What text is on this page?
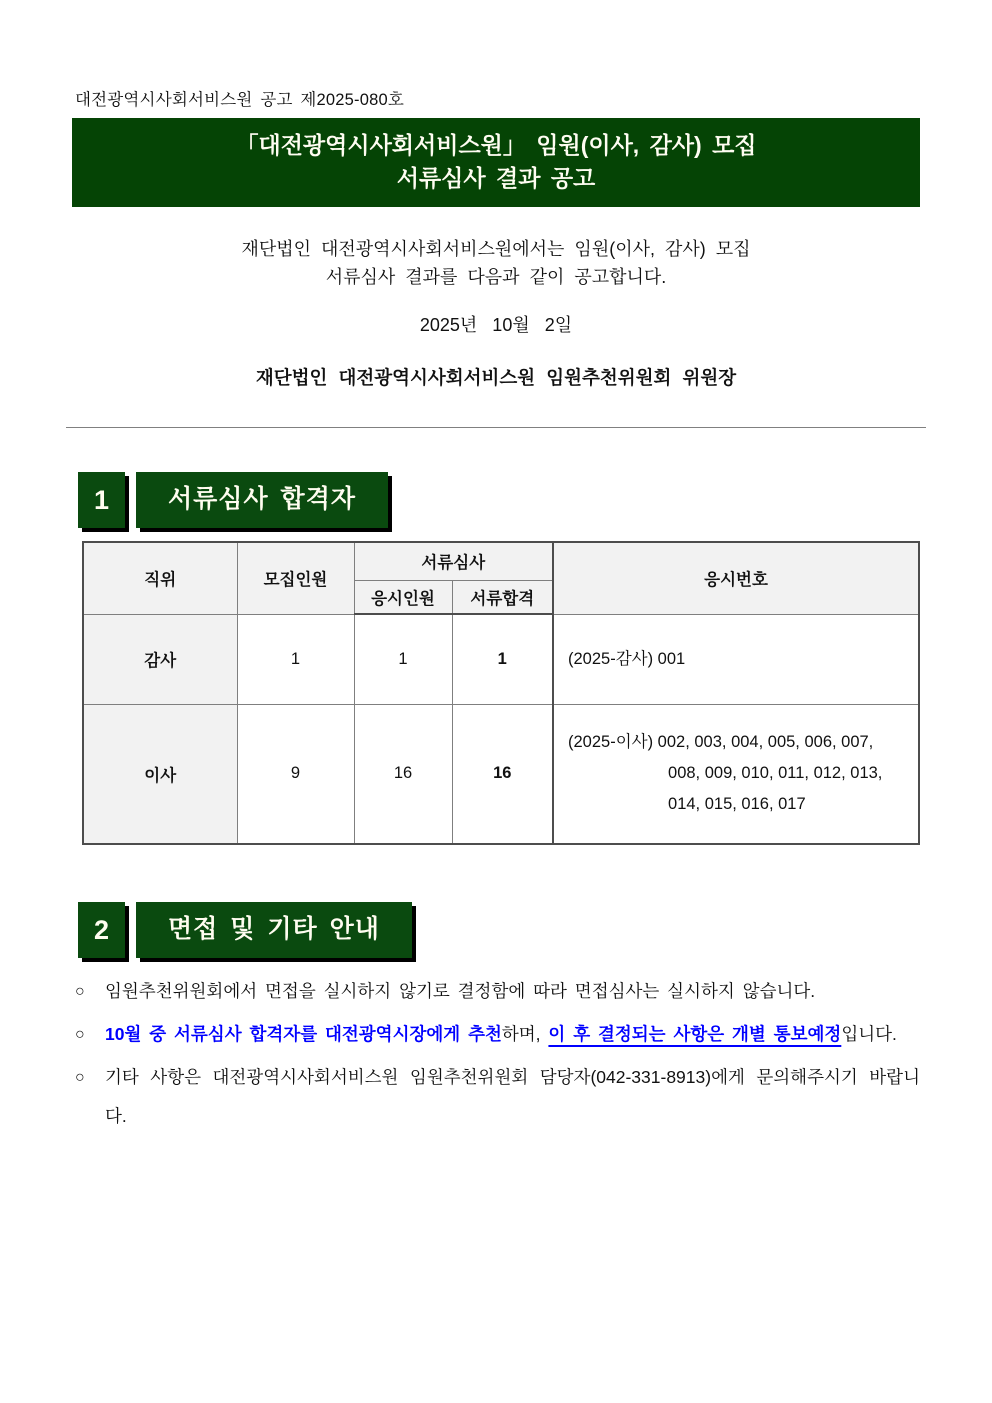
대전광역시사회서비스원 공고 제2025-080호
「대전광역시사회서비스원」 임원(이사, 감사) 모집
서류심사 결과 공고
재단법인 대전광역시사회서비스원에서는 임원(이사, 감사) 모집
서류심사 결과를 다음과 같이 공고합니다.
2025년   10월   2일
재단법인 대전광역시사회서비스원 임원추천위원회 위원장
1	서류심사 합격자
직위	모집인원	서류심사		응시번호
		응시인원	서류합격	
감사	1	1	1	(2025-감사) 001

이사	9	16	16	(2025-이사) 002, 003, 004, 005, 006, 007,
008, 009, 010, 011, 012, 013,
014, 015, 016, 017
2	면접 및 기타 안내
○ 임원추천위원회에서 면접을 실시하지 않기로 결정함에 따라 면접심사는 실시하지 않습니다.
○ 10월 중 서류심사 합격자를 대전광역시장에게 추천하며, 이 후 결정되는 사항은 개별 통보예정입니다.
○ 기타 사항은 대전광역시사회서비스원 임원추천위원회 담당자(042-331-8913)에게 문의해주시기 바랍니다.
